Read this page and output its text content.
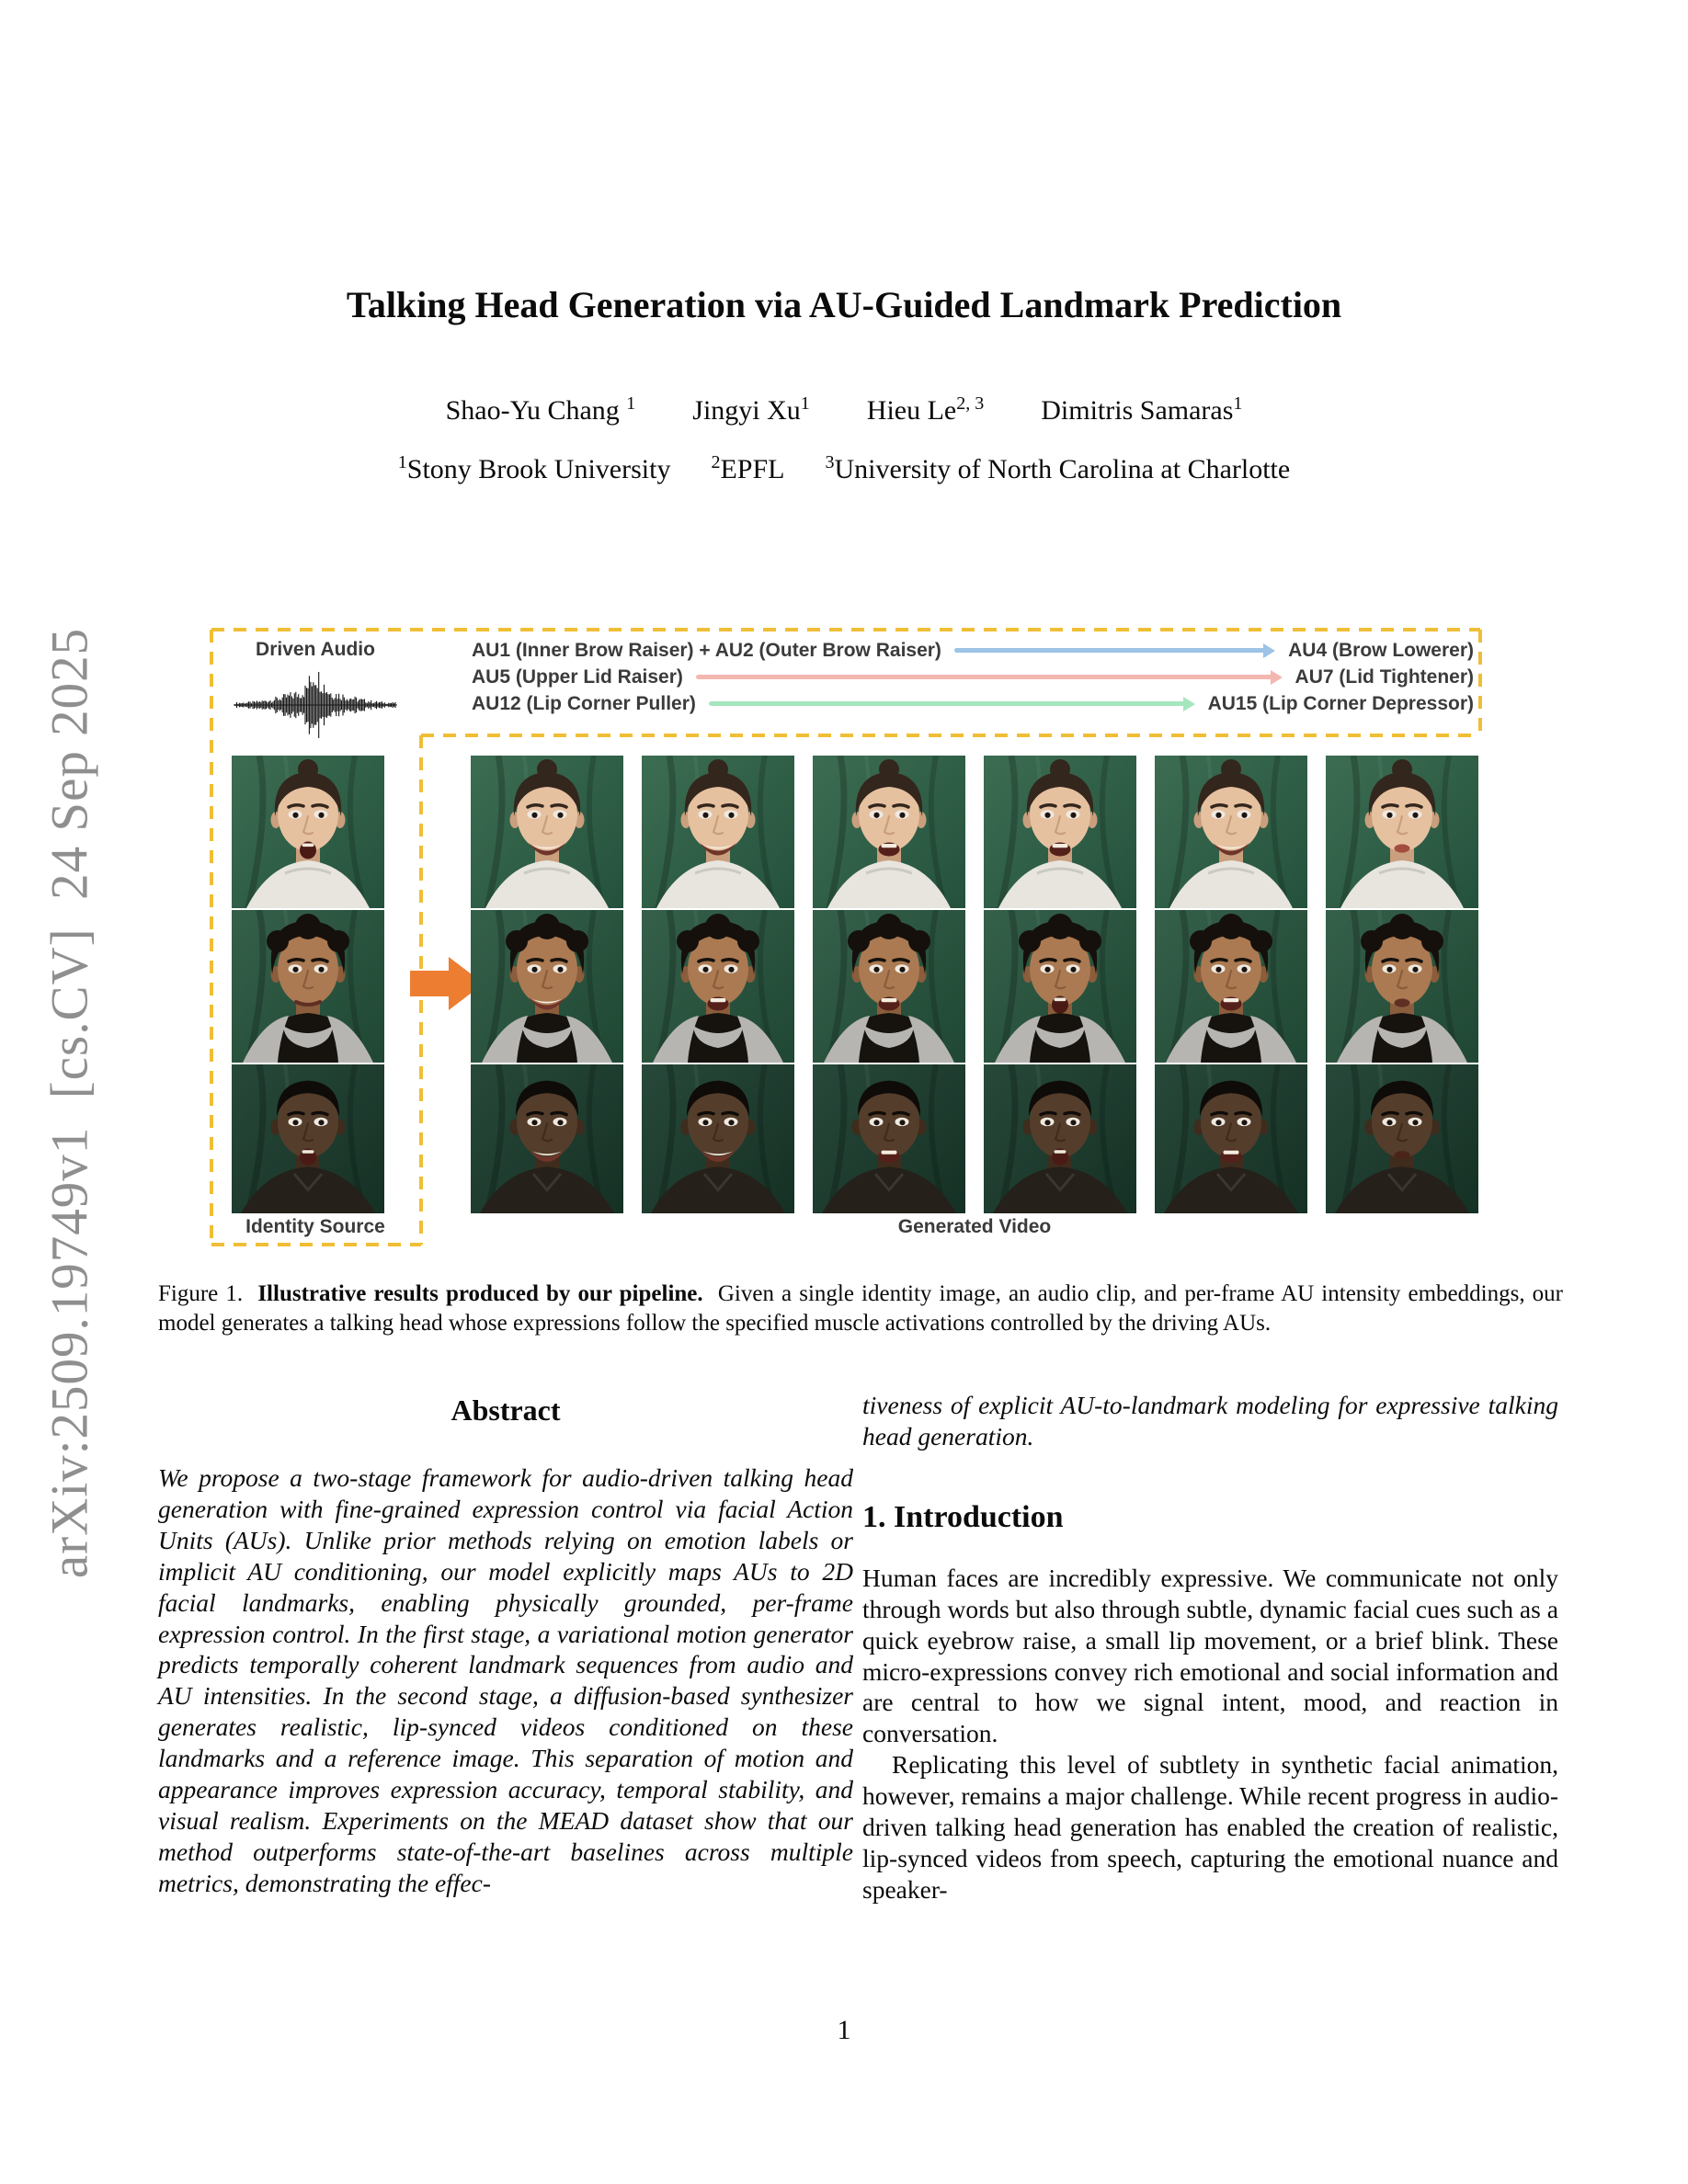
arXiv:2509.19749v1  [cs.CV]  24 Sep 2025
Talking Head Generation via AU-Guided Landmark Prediction
Shao-Yu Chang $^1$ Jingyi Xu$^1$ Hieu Le$^{2, 3}$ Dimitris Samaras$^1$
$^1$Stony Brook University $^2$EPFL $^3$University of North Carolina at Charlotte
Driven Audio	AU1 (Inner Brow Raiser) + AU2 (Outer Brow Raiser)	AU4 (Brow Lowerer)
AU5 (Upper Lid Raiser)	AU7 (Lid Tightener)
AU12 (Lip Corner Puller)	AU15 (Lip Corner Depressor)
Identity Source	Generated Video
Figure 1. Illustrative results produced by our pipeline. Given a single identity image, an audio clip, and per-frame AU intensity embeddings, our model generates a talking head whose expressions follow the specified muscle activations controlled by the driving AUs.
Abstract

We propose a two-stage framework for audio-driven talking head generation with fine-grained expression control via facial Action Units (AUs). Unlike prior methods relying on emotion labels or implicit AU conditioning, our model explicitly maps AUs to 2D facial landmarks, enabling physically grounded, per-frame expression control. In the first stage, a variational motion generator predicts temporally coherent landmark sequences from audio and AU intensities. In the second stage, a diffusion-based synthesizer generates realistic, lip-synced videos conditioned on these landmarks and a reference image. This separation of motion and appearance improves expression accuracy, temporal stability, and visual realism. Experiments on the MEAD dataset show that our method outperforms state-of-the-art baselines across multiple metrics, demonstrating the effec-

tiveness of explicit AU-to-landmark modeling for expressive talking head generation.

1. Introduction

Human faces are incredibly expressive. We communicate not only through words but also through subtle, dynamic facial cues such as a quick eyebrow raise, a small lip movement, or a brief blink. These micro-expressions convey rich emotional and social information and are central to how we signal intent, mood, and reaction in conversation.

Replicating this level of subtlety in synthetic facial animation, however, remains a major challenge. While recent progress in audio-driven talking head generation has enabled the creation of realistic, lip-synced videos from speech, capturing the emotional nuance and speaker-

1
